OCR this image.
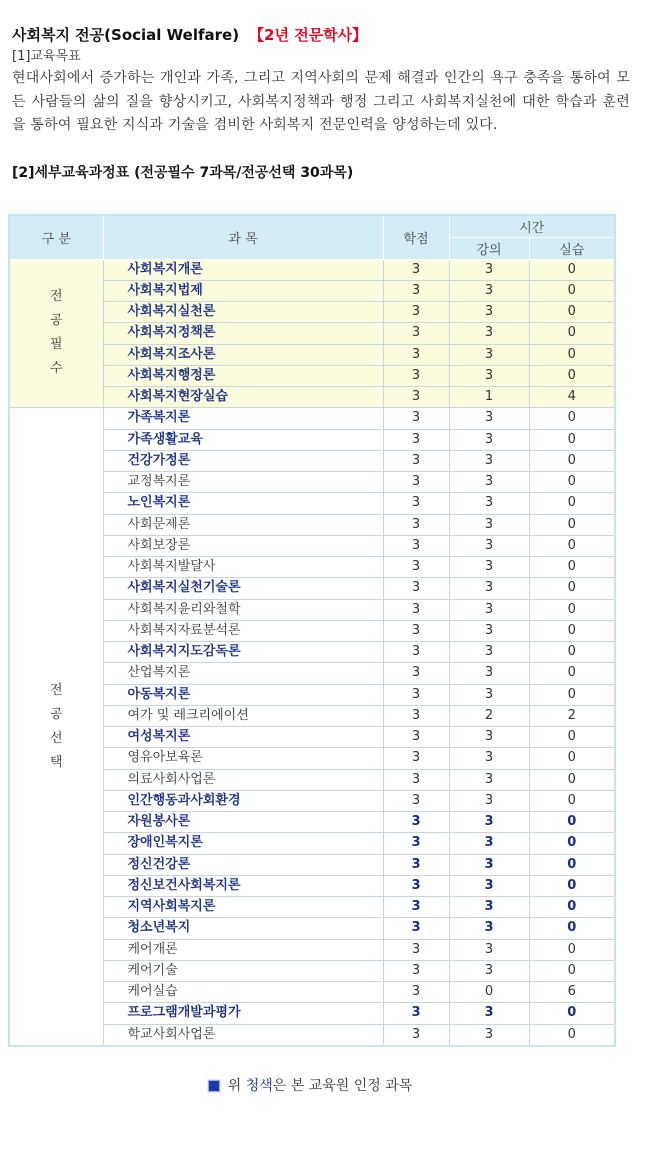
사회복지 전공(Social Welfare) 【2년 전문학사】
[1]교육목표
현대사회에서 증가하는 개인과 가족, 그리고 지역사회의 문제 해결과 인간의 욕구 충족을 통하여 모든 사람들의 삶의 질을 향상시키고, 사회복지정책과 행정 그리고 사회복지실천에 대한 학습과 훈련을 통하여 필요한 지식과 기술을 겸비한 사회복지 전문인력을 양성하는데 있다.
[2]세부교육과정표 (전공필수 7과목/전공선택 30과목)
구 분	과 목	학점	시간	
			강의	실습

전
공
필
수	사회복지개론	3	3	0
	사회복지법제	3	3	0
	사회복지실천론	3	3	0
	사회복지정책론	3	3	0
	사회복지조사론	3	3	0
	사회복지행정론	3	3	0
	사회복지현장실습	3	1	4

전
공
선
택	가족복지론	3	3	0
	가족생활교육	3	3	0
	건강가정론	3	3	0
	교정복지론	3	3	0
	노인복지론	3	3	0
	사회문제론	3	3	0
	사회보장론	3	3	0
	사회복지발달사	3	3	0
	사회복지실천기술론	3	3	0
	사회복지윤리와철학	3	3	0
	사회복지자료분석론	3	3	0
	사회복지지도감독론	3	3	0
	산업복지론	3	3	0
	아동복지론	3	3	0
	여가 및 레크리에이션	3	2	2
	여성복지론	3	3	0
	영유아보육론	3	3	0
	의료사회사업론	3	3	0
	인간행동과사회환경	3	3	0
	자원봉사론	3	3	0
	장애인복지론	3	3	0
	정신건강론	3	3	0
	정신보건사회복지론	3	3	0
	지역사회복지론	3	3	0
	청소년복지	3	3	0
	케어개론	3	3	0
	케어기술	3	3	0
	케어실습	3	0	6
	프로그램개발과평가	3	3	0
	학교사회사업론	3	3	0
위 청색은 본 교육원 인정 과목
